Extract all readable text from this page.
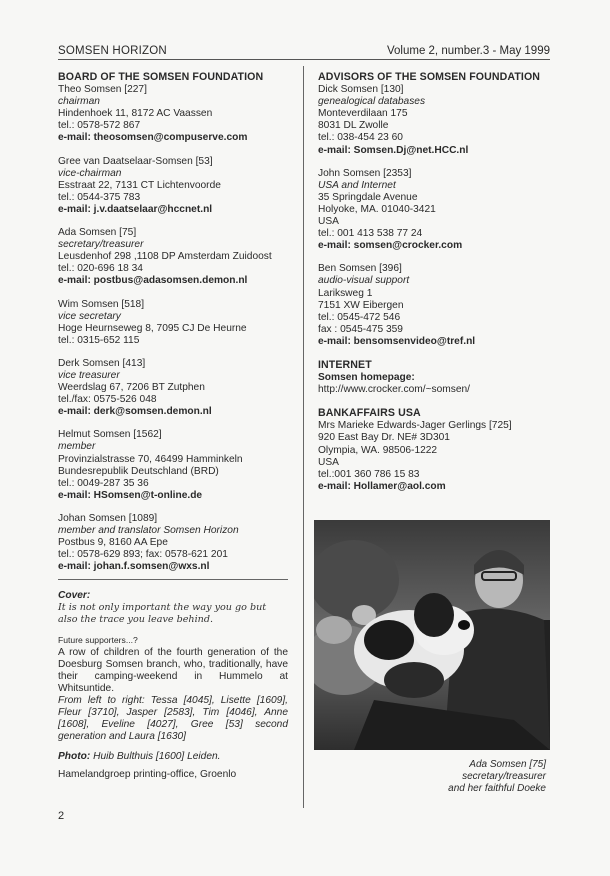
SOMSEN HORIZON	Volume 2, number.3 - May 1999
BOARD OF THE SOMSEN FOUNDATION
Theo Somsen [227]
chairman
Hindenhoek 11, 8172 AC Vaassen
tel.: 0578-572 867
e-mail: theosomsen@compuserve.com
Gree van Daatselaar-Somsen [53]
vice-chairman
Esstraat 22, 7131 CT Lichtenvoorde
tel.: 0544-375 783
e-mail: j.v.daatselaar@hccnet.nl
Ada Somsen [75]
secretary/treasurer
Leusdenhof 298 ,1108 DP Amsterdam Zuidoost
tel.: 020-696 18 34
e-mail: postbus@adasomsen.demon.nl
Wim Somsen [518]
vice secretary
Hoge Heurnseweg 8, 7095 CJ De Heurne
tel.: 0315-652 115
Derk Somsen [413]
vice treasurer
Weerdslag 67, 7206 BT Zutphen
tel./fax: 0575-526 048
e-mail: derk@somsen.demon.nl
Helmut Somsen [1562]
member
Provinzialstrasse 70, 46499 Hamminkeln
Bundesrepublik Deutschland (BRD)
tel.: 0049-287 35 36
e-mail: HSomsen@t-online.de
Johan Somsen [1089]
member and translator Somsen Horizon
Postbus 9, 8160 AA Epe
tel.: 0578-629 893; fax: 0578-621 201
e-mail: johan.f.somsen@wxs.nl
Cover:
It is not only important the way you go but also the trace you leave behind.
Future supporters...?
A row of children of the fourth generation of the Doesburg Somsen branch, who, traditionally, have their camping-weekend in Hummelo at Whitsuntide.
From left to right: Tessa [4045], Lisette [1609], Fleur [3710], Jasper [2583], Tim [4046], Anne [1608], Eveline [4027], Gree [53] second generation and Laura [1630]
Photo: Huib Bulthuis [1600] Leiden.
Hamelandgroep printing-office, Groenlo
ADVISORS OF THE SOMSEN FOUNDATION
Dick Somsen [130]
genealogical databases
Monteverdilaan 175
8031 DL Zwolle
tel.: 038-454 23 60
e-mail: Somsen.Dj@net.HCC.nl
John Somsen [2353]
USA and Internet
35 Springdale Avenue
Holyoke, MA. 01040-3421
USA
tel.: 001 413 538 77 24
e-mail: somsen@crocker.com
Ben Somsen [396]
audio-visual support
Lariksweg 1
7151 XW Eibergen
tel.: 0545-472 546
fax : 0545-475 359
e-mail: bensomsenvideo@tref.nl
INTERNET
Somsen homepage:
http://www.crocker.com/~somsen/
BANKAFFAIRS USA
Mrs Marieke Edwards-Jager Gerlings [725]
920 East Bay Dr. NE# 3D301
Olympia, WA. 98506-1222
USA
tel.:001 360 786 15 83
e-mail: Hollamer@aol.com
Ada Somsen [75]
secretary/treasurer
and her faithful Doeke
2
